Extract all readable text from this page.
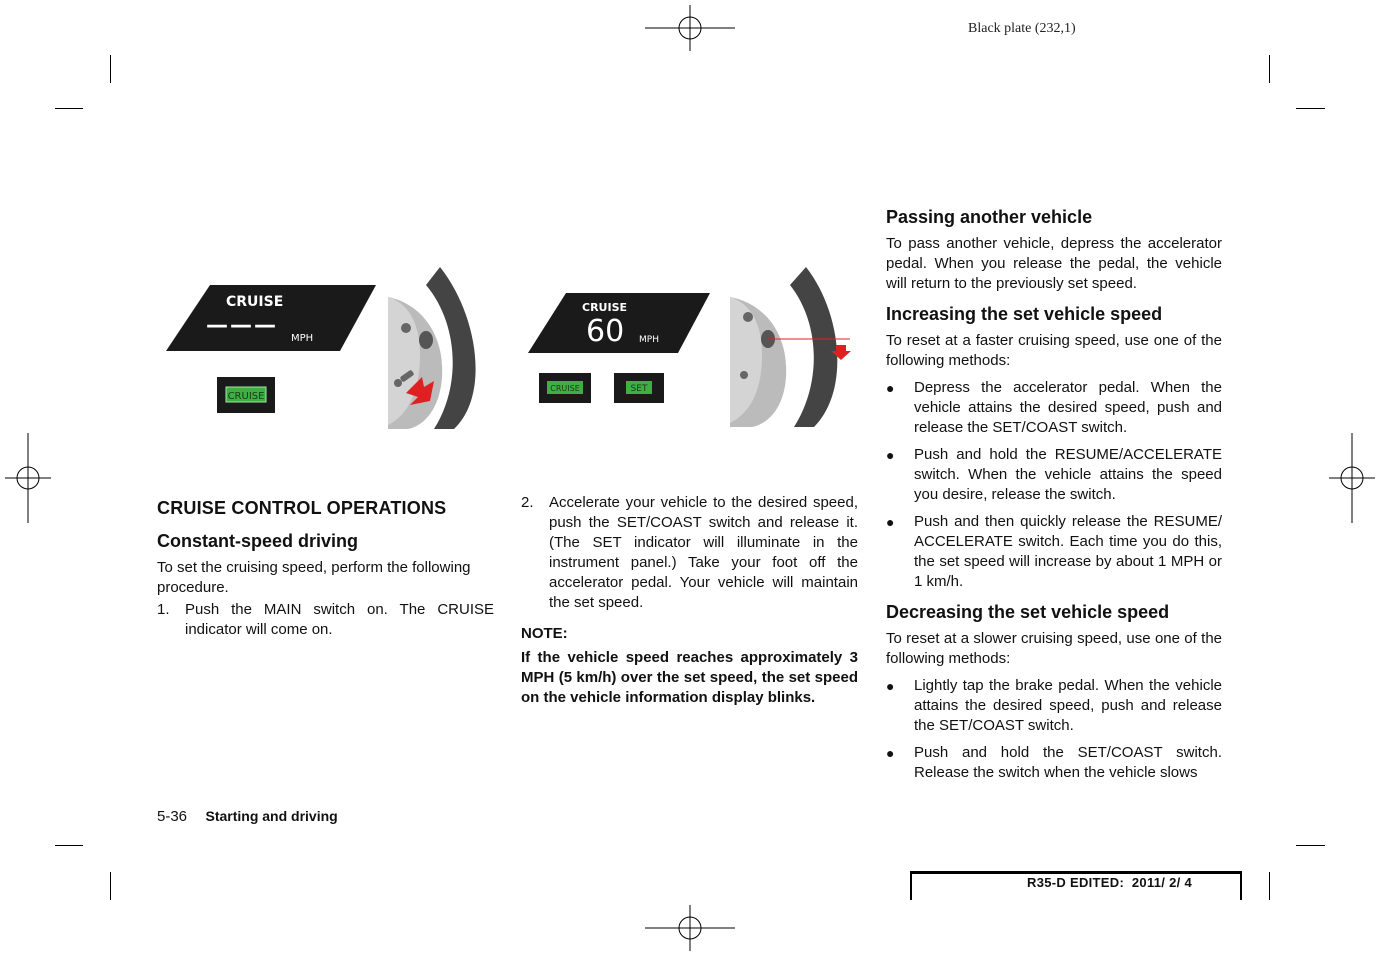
Black plate (232,1)
CRUISE
———
MPH
CRUISE
CRUISE
60 MPH
CRUISE	SET
CRUISE CONTROL OPERATIONS
Constant-speed driving

To set the cruising speed, perform the following procedure.

1. Push the MAIN switch on. The CRUISE indicator will come on.
2. Accelerate your vehicle to the desired speed, push the SET/COAST switch and release it. (The SET indicator will illuminate in the instrument panel.) Take your foot off the accelerator pedal. Your vehicle will maintain the set speed.
NOTE:
If the vehicle speed reaches approximately 3 MPH (5 km/h) over the set speed, the set speed on the vehicle information display blinks.
Passing another vehicle

To pass another vehicle, depress the accelerator pedal. When you release the pedal, the vehicle will return to the previously set speed.

Increasing the set vehicle speed

To reset at a faster cruising speed, use one of the following methods:

● Depress the accelerator pedal. When the vehicle attains the desired speed, push and release the SET/COAST switch.
● Push and hold the RESUME/ACCELERATE switch. When the vehicle attains the speed you desire, release the switch.
● Push and then quickly release the RESUME/ ACCELERATE switch. Each time you do this, the set speed will increase by about 1 MPH or 1 km/h.
Decreasing the set vehicle speed

To reset at a slower cruising speed, use one of the following methods:

● Lightly tap the brake pedal. When the vehicle attains the desired speed, push and release the SET/COAST switch.
● Push and hold the SET/COAST switch. Release the switch when the vehicle slows
5-36 Starting and driving
R35-D EDITED:  2011/ 2/ 4
